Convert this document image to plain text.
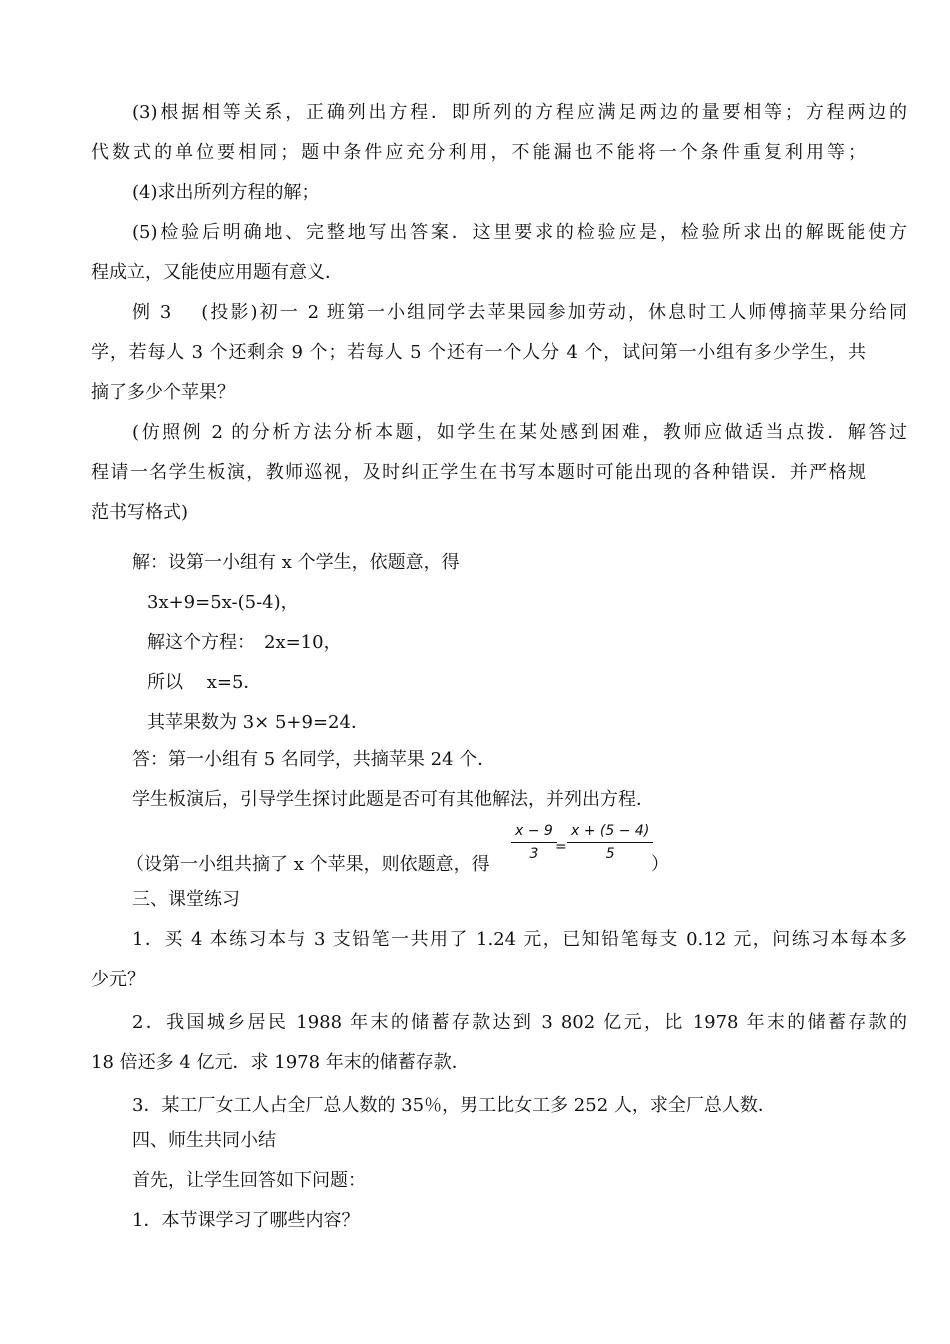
(3)根据相等关系，正确列出方程．即所列的方程应满足两边的量要相等；方程两边的
代数式的单位要相同；题中条件应充分利用，不能漏也不能将一个条件重复利用等；
(4)求出所列方程的解；
(5)检验后明确地、完整地写出答案．这里要求的检验应是，检验所求出的解既能使方
程成立，又能使应用题有意义．
例 3　 (投影)初一 2 班第一小组同学去苹果园参加劳动，休息时工人师傅摘苹果分给同
学，若每人 3 个还剩余 9 个；若每人 5 个还有一个人分 4 个，试问第一小组有多少学生，共
摘了多少个苹果？
(仿照例 2 的分析方法分析本题，如学生在某处感到困难，教师应做适当点拨．解答过
程请一名学生板演，教师巡视，及时纠正学生在书写本题时可能出现的各种错误．并严格规
范书写格式)
解：设第一小组有 x 个学生，依题意，得
3x+9=5x-(5-4)，
解这个方程：　2x=10，
所以　 x=5．
其苹果数为 3× 5+9=24．
答：第一小组有 5 名同学，共摘苹果 24 个．
学生板演后，引导学生探讨此题是否可有其他解法，并列出方程．
（设第一小组共摘了 x 个苹果，则依题意，得
x − 9
3 =
x + (5 − 4)
5 ）
三、课堂练习
1．买 4 本练习本与 3 支铅笔一共用了 1.24 元，已知铅笔每支 0.12 元，问练习本每本多
少元？
2．我国城乡居民 1988 年末的储蓄存款达到 3 802 亿元，比 1978 年末的储蓄存款的
18 倍还多 4 亿元．求 1978 年末的储蓄存款．
3．某工厂女工人占全厂总人数的 35％，男工比女工多 252 人，求全厂总人数．
四、师生共同小结
首先，让学生回答如下问题：
1．本节课学习了哪些内容？
